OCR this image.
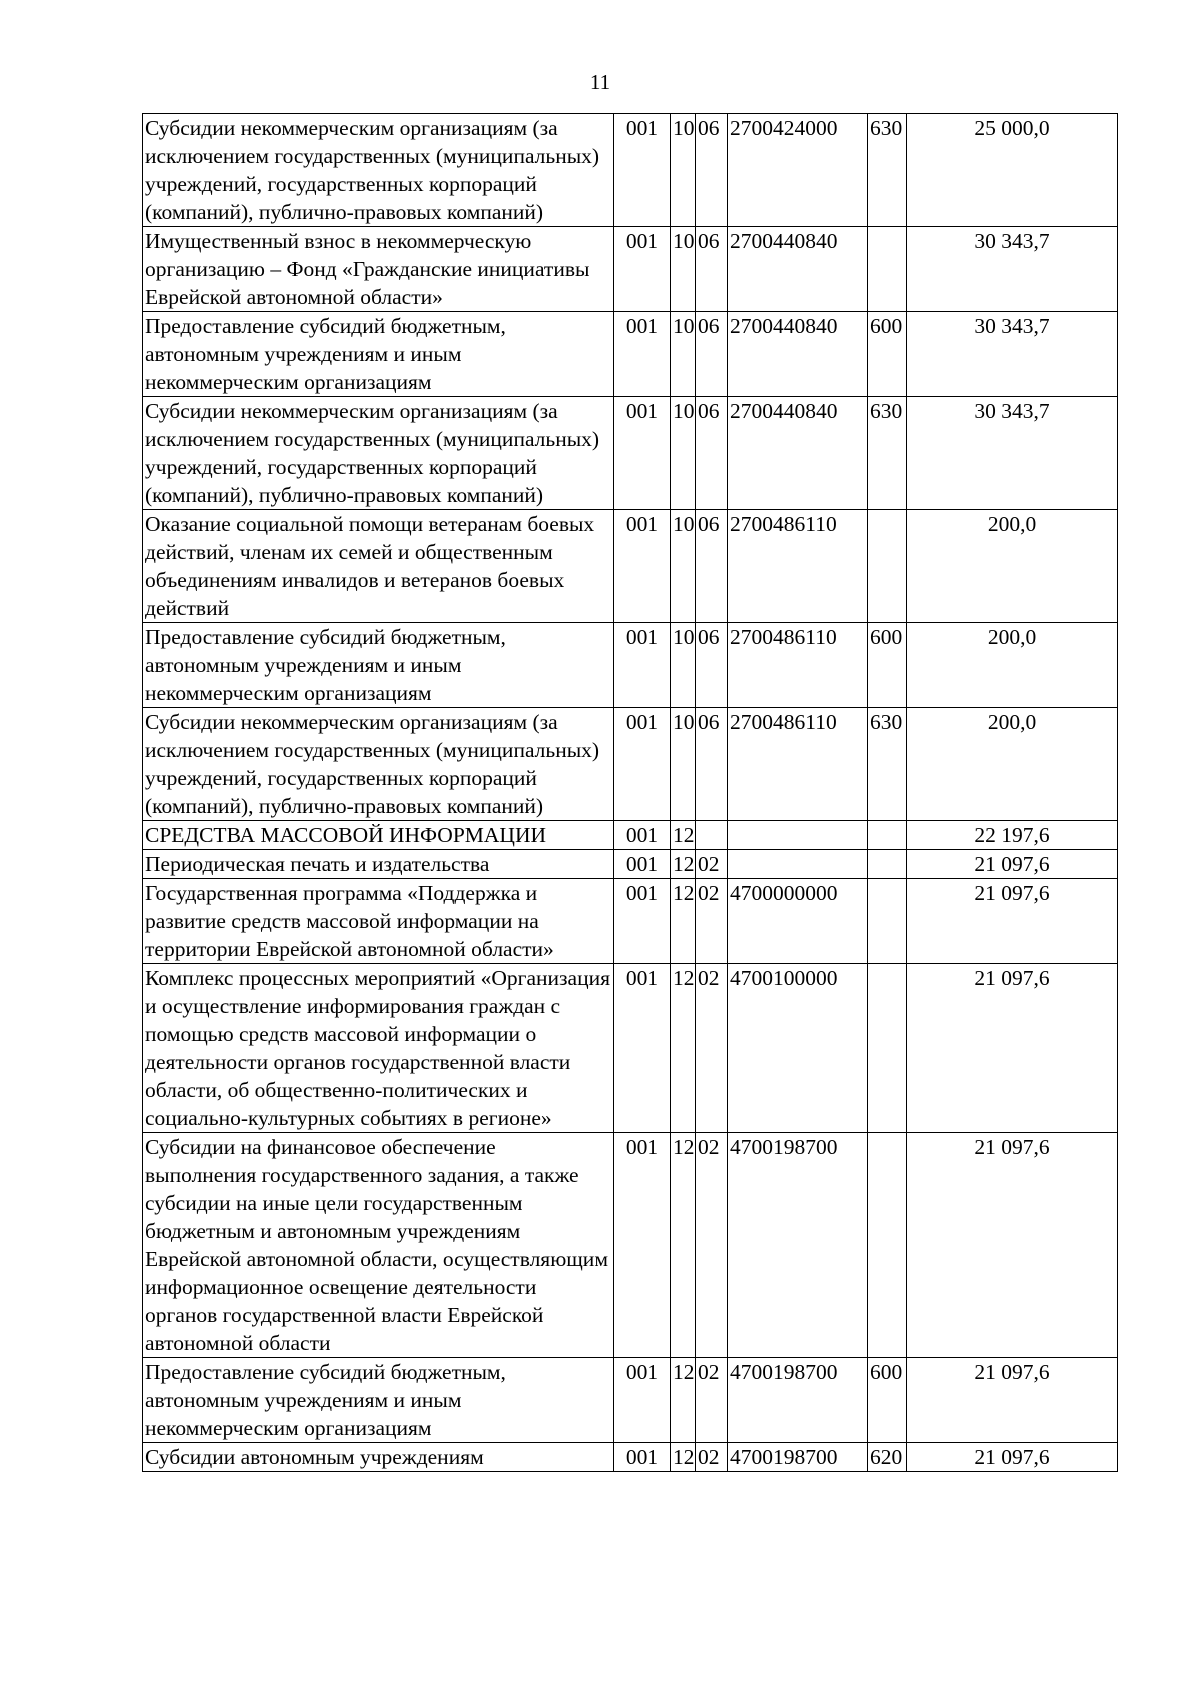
11
Субсидии некоммерческим организациям (за исключением государственных (муниципальных) учреждений, государственных корпораций (компаний), публично-правовых компаний)	001	10	06	2700424000	630	25 000,0
Имущественный взнос в некоммерческую организацию – Фонд «Гражданские инициативы Еврейской автономной области»	001	10	06	2700440840		30 343,7
Предоставление субсидий бюджетным, автономным учреждениям и иным некоммерческим организациям	001	10	06	2700440840	600	30 343,7
Субсидии некоммерческим организациям (за исключением государственных (муниципальных) учреждений, государственных корпораций (компаний), публично-правовых компаний)	001	10	06	2700440840	630	30 343,7
Оказание социальной помощи ветеранам боевых действий, членам их семей и общественным объединениям инвалидов и ветеранов боевых действий	001	10	06	2700486110		200,0
Предоставление субсидий бюджетным, автономным учреждениям и иным некоммерческим организациям	001	10	06	2700486110	600	200,0
Субсидии некоммерческим организациям (за исключением государственных (муниципальных) учреждений, государственных корпораций (компаний), публично-правовых компаний)	001	10	06	2700486110	630	200,0
СРЕДСТВА МАССОВОЙ ИНФОРМАЦИИ	001	12				22 197,6
Периодическая печать и издательства	001	12	02			21 097,6
Государственная программа «Поддержка и развитие средств массовой информации на территории Еврейской автономной области»	001	12	02	4700000000		21 097,6
Комплекс процессных мероприятий «Организация и осуществление информирования граждан с помощью средств массовой информации о деятельности органов государственной власти области, об общественно-политических и социально-культурных событиях в регионе»	001	12	02	4700100000		21 097,6
Субсидии на финансовое обеспечение выполнения государственного задания, а также субсидии на иные цели государственным бюджетным и автономным учреждениям Еврейской автономной области, осуществляющим информационное освещение деятельности органов государственной власти Еврейской автономной области	001	12	02	4700198700		21 097,6
Предоставление субсидий бюджетным, автономным учреждениям и иным некоммерческим организациям	001	12	02	4700198700	600	21 097,6
Субсидии автономным учреждениям	001	12	02	4700198700	620	21 097,6
